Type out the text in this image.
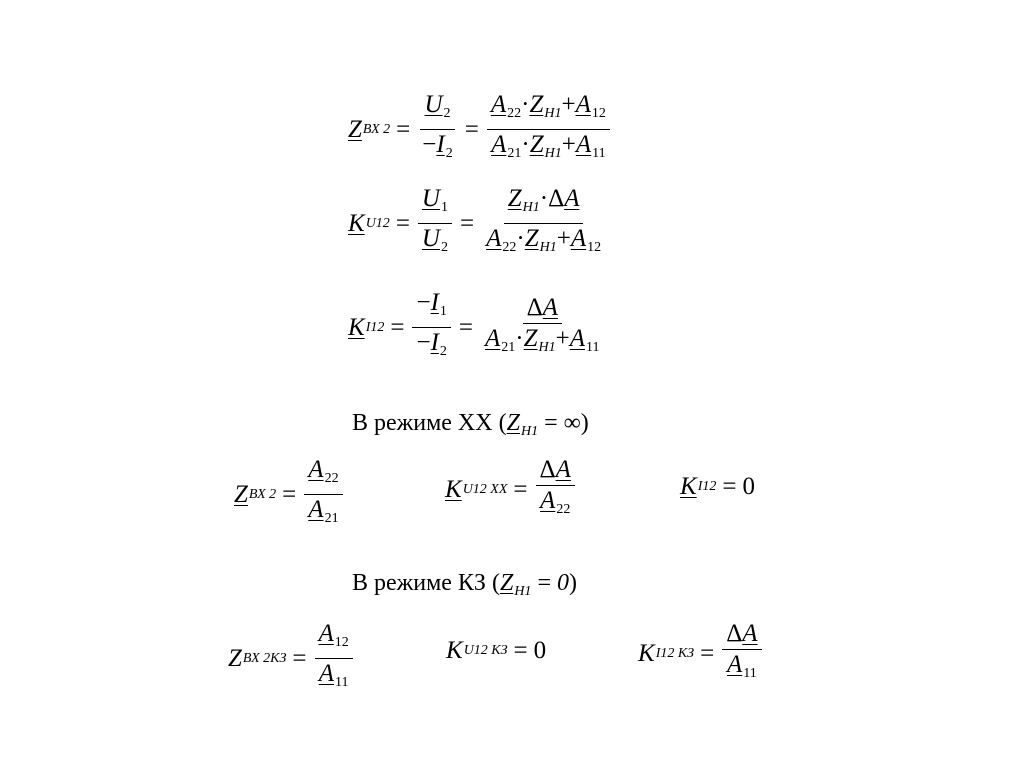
Z ВХ $2 = \frac{U_2}{-I_2} = \frac{A_{22}\cdot Z_{H1}+A_{12}}{A_{21}\cdot Z_{H1}+A_{11}}$
K $U12 = \frac{U_1}{U_2} = \frac{Z_{H1}\cdot\Delta A}{A_{22}\cdot Z_{H1}+A_{12}}$
K $I12 = \frac{-I_1}{-I_2} = \frac{\Delta A}{A_{21}\cdot Z_{H1}+A_{11}}$
В режиме ХХ ($Z_{H1}$ = ∞)
Z ВХ $2 = \frac{A_{22}}{A_{21}}$	K U12 XX = $\frac{\Delta A}{A_{22}}$	K I12 = 0
В режиме КЗ $(Z_{H1} = 0)$
Z ВХ $2КЗ = \frac{A_{12}}{A_{11}}$	K U12 КЗ = 0	K I12 КЗ = $\frac{\Delta A}{A_{11}}$
